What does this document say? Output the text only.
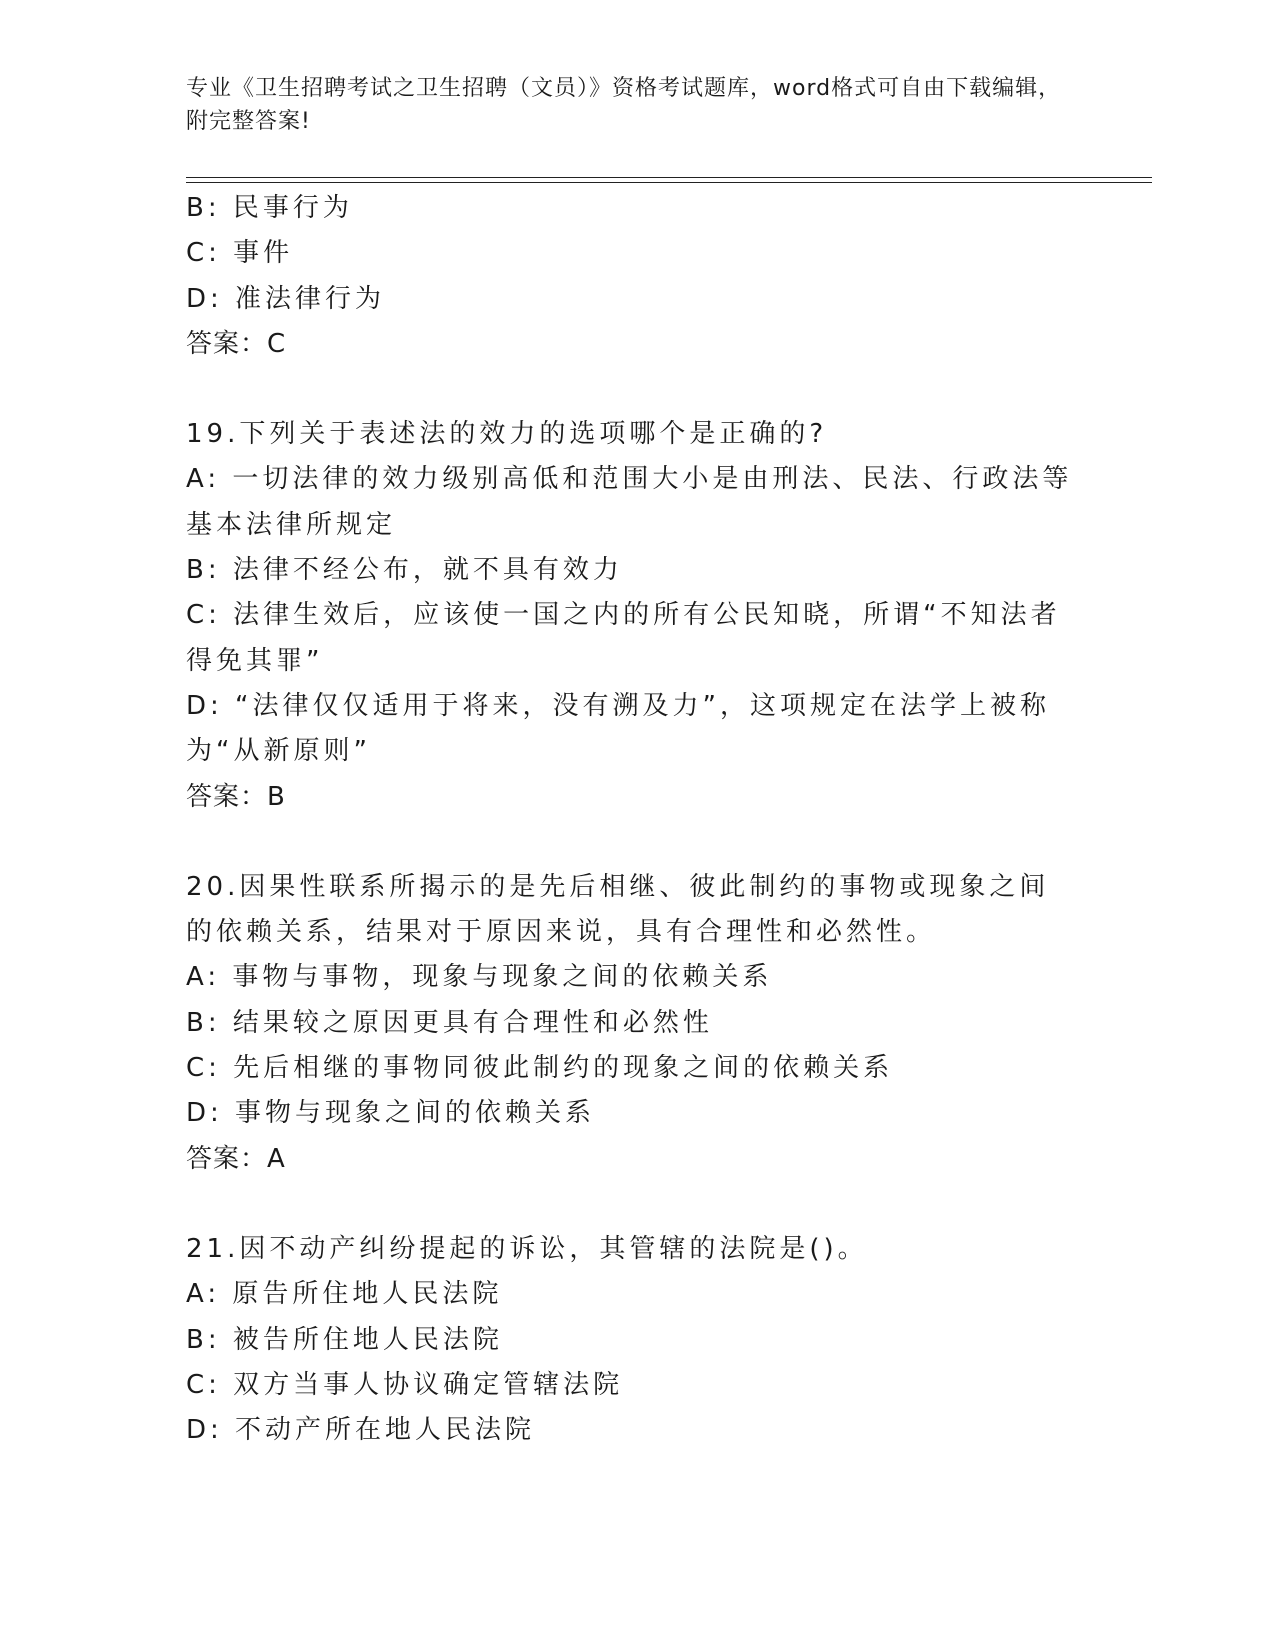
专业《卫生招聘考试之卫生招聘（文员）》资格考试题库，word格式可自由下载编辑，附完整答案!
B: 民事行为
C: 事件
D: 准法律行为
答案：C
19.下列关于表述法的效力的选项哪个是正确的?
A: 一切法律的效力级别高低和范围大小是由刑法、民法、行政法等基本法律所规定
B: 法律不经公布，就不具有效力
C: 法律生效后，应该使一国之内的所有公民知晓，所谓“不知法者得免其罪”
D: “法律仅仅适用于将来，没有溯及力”，这项规定在法学上被称为“从新原则”
答案：B
20.因果性联系所揭示的是先后相继、彼此制约的事物或现象之间的依赖关系，结果对于原因来说，具有合理性和必然性。
A: 事物与事物，现象与现象之间的依赖关系
B: 结果较之原因更具有合理性和必然性
C: 先后相继的事物同彼此制约的现象之间的依赖关系
D: 事物与现象之间的依赖关系
答案：A
21.因不动产纠纷提起的诉讼，其管辖的法院是()。
A: 原告所住地人民法院
B: 被告所住地人民法院
C: 双方当事人协议确定管辖法院
D: 不动产所在地人民法院
